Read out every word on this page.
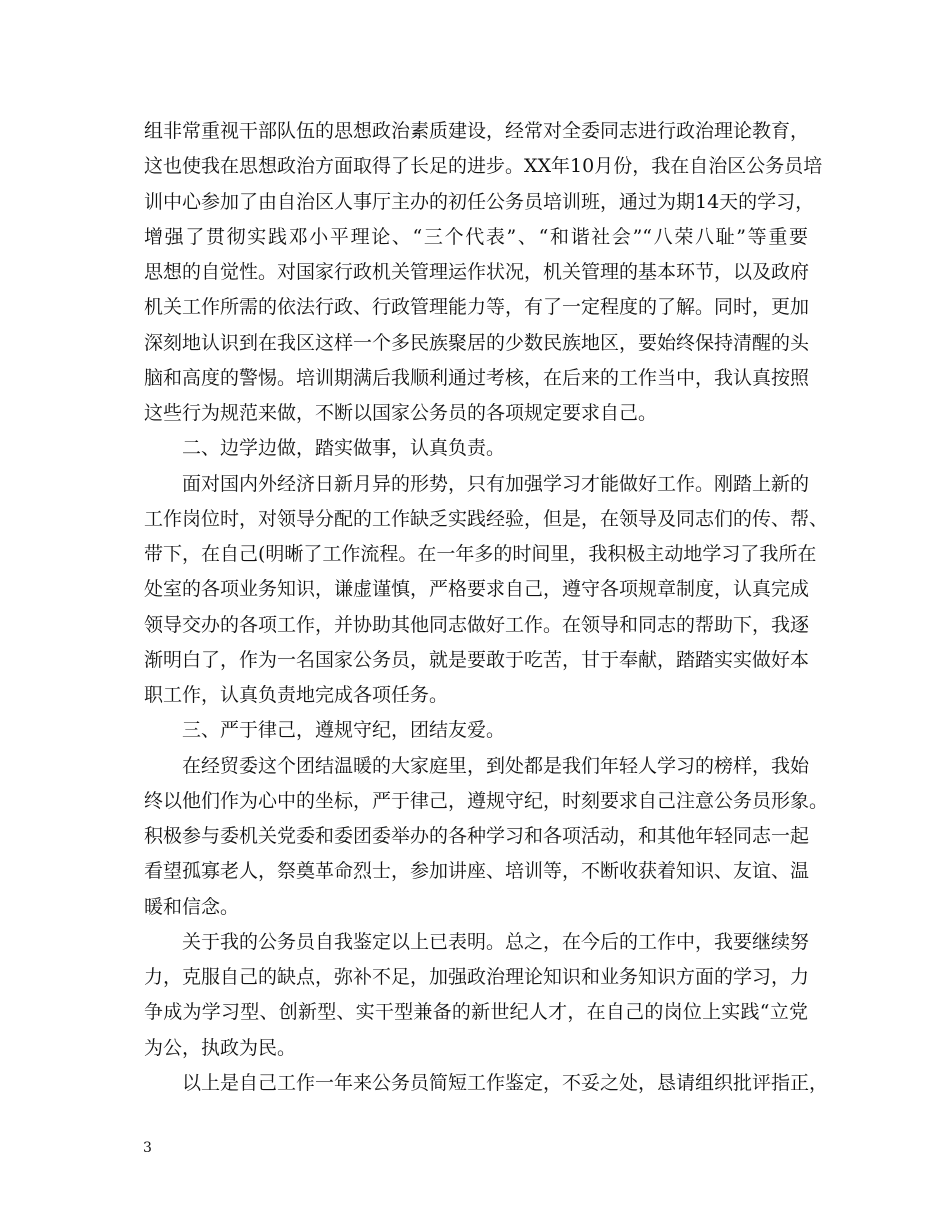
组非常重视干部队伍的思想政治素质建设，经常对全委同志进行政治理论教育，
这也使我在思想政治方面取得了长足的进步。XX年10月份，我在自治区公务员培
训中心参加了由自治区人事厅主办的初任公务员培训班，通过为期14天的学习，
增强了贯彻实践邓小平理论、“三个代表”、“和谐社会”“八荣八耻”等重要
思想的自觉性。对国家行政机关管理运作状况，机关管理的基本环节，以及政府
机关工作所需的依法行政、行政管理能力等，有了一定程度的了解。同时，更加
深刻地认识到在我区这样一个多民族聚居的少数民族地区，要始终保持清醒的头
脑和高度的警惕。培训期满后我顺利通过考核，在后来的工作当中，我认真按照
这些行为规范来做，不断以国家公务员的各项规定要求自己。
二、边学边做，踏实做事，认真负责。
面对国内外经济日新月异的形势，只有加强学习才能做好工作。刚踏上新的
工作岗位时，对领导分配的工作缺乏实践经验，但是，在领导及同志们的传、帮、
带下，在自己(明晰了工作流程。在一年多的时间里，我积极主动地学习了我所在
处室的各项业务知识，谦虚谨慎，严格要求自己，遵守各项规章制度，认真完成
领导交办的各项工作，并协助其他同志做好工作。在领导和同志的帮助下，我逐
渐明白了，作为一名国家公务员，就是要敢于吃苦，甘于奉献，踏踏实实做好本
职工作，认真负责地完成各项任务。
三、严于律己，遵规守纪，团结友爱。
在经贸委这个团结温暖的大家庭里，到处都是我们年轻人学习的榜样，我始
终以他们作为心中的坐标，严于律己，遵规守纪，时刻要求自己注意公务员形象。
积极参与委机关党委和委团委举办的各种学习和各项活动，和其他年轻同志一起
看望孤寡老人，祭奠革命烈士，参加讲座、培训等，不断收获着知识、友谊、温
暖和信念。
关于我的公务员自我鉴定以上已表明。总之，在今后的工作中，我要继续努
力，克服自己的缺点，弥补不足，加强政治理论知识和业务知识方面的学习，力
争成为学习型、创新型、实干型兼备的新世纪人才，在自己的岗位上实践“立党
为公，执政为民。
以上是自己工作一年来公务员简短工作鉴定，不妥之处，恳请组织批评指正，
3
